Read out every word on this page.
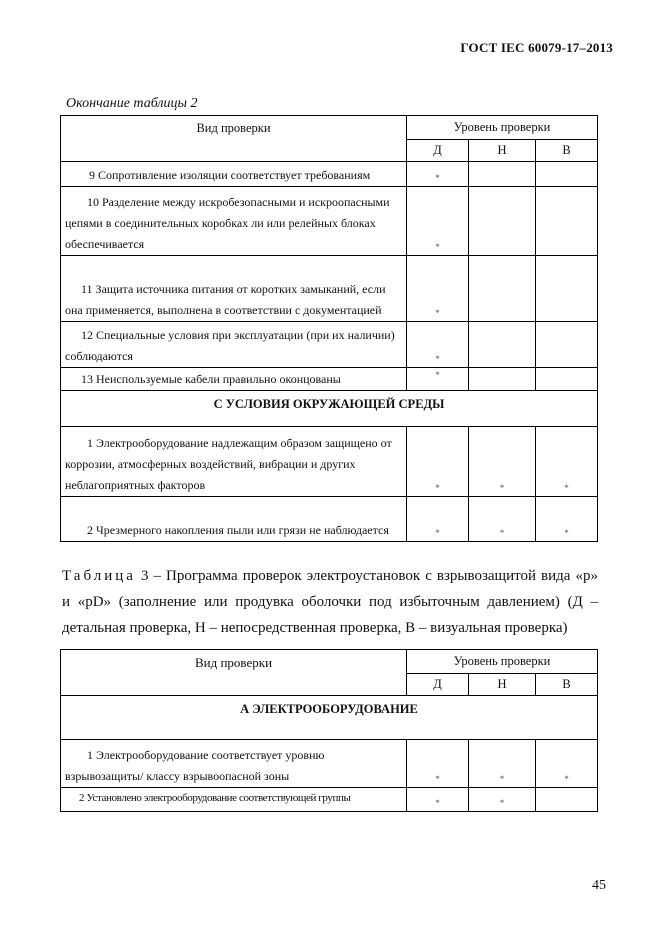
ГОСТ IEC 60079-17–2013
Окончание таблицы 2
Вид проверки	Уровень проверки		
	Д	Н	В
9 Сопротивление изоляции соответствует требованиям	*		
10 Разделение между искробезопасными и искроопасными цепями в соединительных коробках ли или релейных блоках обеспечивается	*		
11 Защита источника питания от коротких замыканий, если она применяется, выполнена в соответствии с документацией	*		
12 Специальные условия при эксплуатации (при их наличии) соблюдаются	*		
13 Неиспользуемые кабели правильно оконцованы	*		
С УСЛОВИЯ ОКРУЖАЮЩЕЙ СРЕДЫ			
1 Электрооборудование надлежащим образом защищено от коррозии, атмосферных воздействий, вибрации и других неблагоприятных факторов	*	*	*
2 Чрезмерного накопления пыли или грязи не наблюдается	*	*	*
Таблица 3 – Программа проверок электроустановок с взрывозащитой вида «р» и «pD» (заполнение или продувка оболочки под избыточным давлением) (Д – детальная проверка, Н – непосредственная проверка, В – визуальная проверка)
Вид проверки	Уровень проверки		
	Д	Н	В
А ЭЛЕКТРООБОРУДОВАНИЕ			
1 Электрооборудование соответствует уровню взрывозащиты/ классу взрывоопасной зоны	*	*	*
2 Установлено электрооборудование соответствующей группы	*	*	
45
